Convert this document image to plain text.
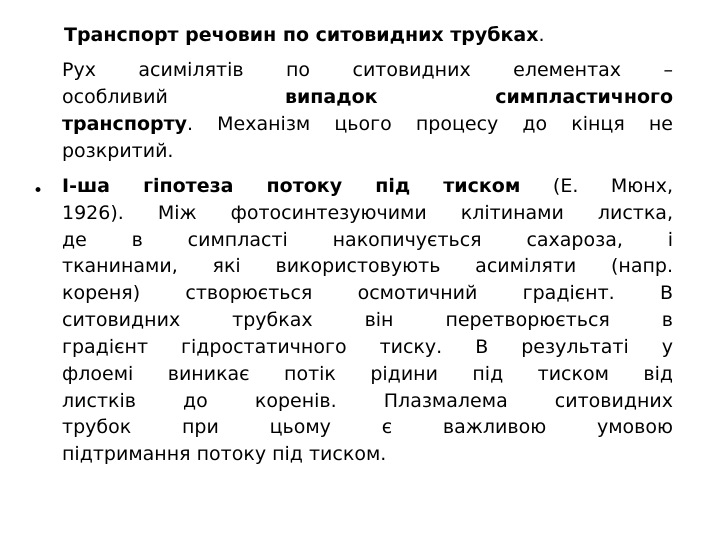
Транспорт речовин по ситовидних трубках.
Рух асимілятів по ситовидних елементах –
особливий	випадок симпластичного
транспорту. Механізм цього процесу до кінця не
розкритий.
• І-ша гіпотеза потоку під тиском (Е. Мюнх,
1926). Між фотосинтезуючими клітинами листка,
де в симпласті накопичується сахароза, і
тканинами, які використовують асиміляти (напр.
кореня) створюється осмотичний градієнт. В
ситовидних трубках він перетворюється в
градієнт гідростатичного тиску. В результаті у
флоемі виникає потік рідини під тиском від
листків до коренів. Плазмалема ситовидних
трубок при цьому є важливою умовою
підтримання потоку під тиском.
